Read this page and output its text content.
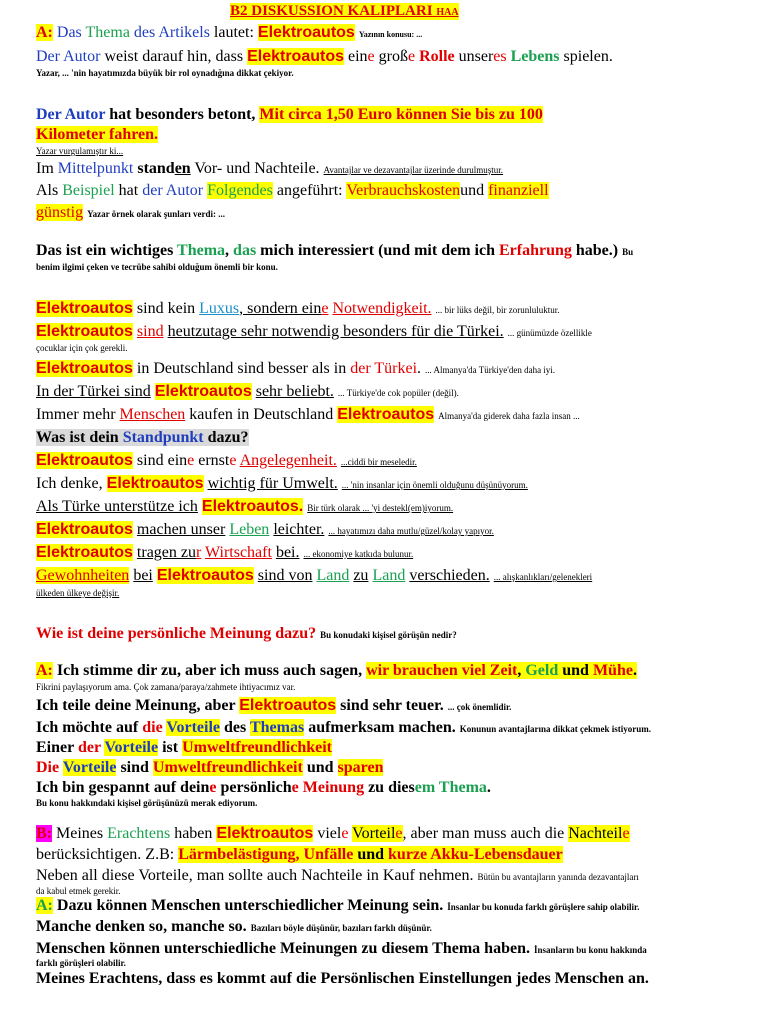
B2 DISKUSSION KALIPLARI HAA
A: Das Thema des Artikels lautet: Elektroautos Yazının konusu: ...
Der Autor weist darauf hin, dass Elektroautos eine große Rolle unseres Lebens spielen.
Yazar, ... 'nin hayatımızda büyük bir rol oynadığına dikkat çekiyor.
Der Autor hat besonders betont, Mit circa 1,50 Euro können Sie bis zu 100
Kilometer fahren.
Yazar vurgulamıştır ki...
Im Mittelpunkt standen Vor- und Nachteile. Avantajlar ve dezavantajlar üzerinde durulmuştur.
Als Beispiel hat der Autor Folgendes angeführt: Verbrauchskostenund finanziell
günstig Yazar örnek olarak şunları verdi: ...
Das ist ein wichtiges Thema, das mich interessiert (und mit dem ich Erfahrung habe.) Bu
benim ilgimi çeken ve tecrübe sahibi olduğum önemli bir konu.
Elektroautos sind kein Luxus, sondern eine Notwendigkeit. ... bir lüks değil, bir zorunluluktur.
Elektroautos sind heutzutage sehr notwendig besonders für die Türkei. ... günümüzde özellikle
çocuklar için çok gerekli.
Elektroautos in Deutschland sind besser als in der Türkei. ... Almanya'da Türkiye'den daha iyi.
In der Türkei sind Elektroautos sehr beliebt. ... Türkiye'de cok popüler (değil).
Immer mehr Menschen kaufen in Deutschland Elektroautos Almanya'da giderek daha fazla insan ...
Was ist dein Standpunkt dazu?
Elektroautos sind eine ernste Angelegenheit. ...ciddi bir meseledir.
Ich denke, Elektroautos wichtig für Umwelt. ... 'nin insanlar için önemli olduğunu düşünüyorum.
Als Türke unterstütze ich Elektroautos. Bir türk olarak ... 'yi destekl(em)iyorum.
Elektroautos machen unser Leben leichter. ... hayatımızı daha mutlu/güzel/kolay yapıyor.
Elektroautos tragen zur Wirtschaft bei. ... ekonomiye katkıda bulunur.
Gewohnheiten bei Elektroautos sind von Land zu Land verschieden. ... alışkanlıkları/gelenekleri
ülkeden ülkeye değişir.
Wie ist deine persönliche Meinung dazu? Bu konudaki kişisel görüşün nedir?
A: Ich stimme dir zu, aber ich muss auch sagen, wir brauchen viel Zeit, Geld und Mühe.
Fikrini paylaşıyorum ama. Çok zamana/paraya/zahmete ihtiyacımız var.
Ich teile deine Meinung, aber Elektroautos sind sehr teuer. ... çok önemlidir.
Ich möchte auf die Vorteile des Themas aufmerksam machen. Konunun avantajlarına dikkat çekmek istiyorum.
Einer der Vorteile ist Umweltfreundlichkeit
Die Vorteile sind Umweltfreundlichkeit und sparen
Ich bin gespannt auf deine persönliche Meinung zu diesem Thema.
Bu konu hakkındaki kişisel görüşünüzü merak ediyorum.
B: Meines Erachtens haben Elektroautos viele Vorteile, aber man muss auch die Nachteile
berücksichtigen. Z.B: Lärmbelästigung, Unfälle und kurze Akku-Lebensdauer
Neben all diese Vorteile, man sollte auch Nachteile in Kauf nehmen. Bütün bu avantajların yanında dezavantajları
da kabul etmek gerekir.
A: Dazu können Menschen unterschiedlicher Meinung sein. İnsanlar bu konuda farklı görüşlere sahip olabilir.
Manche denken so, manche so. Bazıları böyle düşünür, bazıları farklı düşünür.
Menschen können unterschiedliche Meinungen zu diesem Thema haben. İnsanların bu konu hakkında
farklı görüşleri olabilir.
Meines Erachtens, dass es kommt auf die Persönlischen Einstellungen jedes Menschen an.
